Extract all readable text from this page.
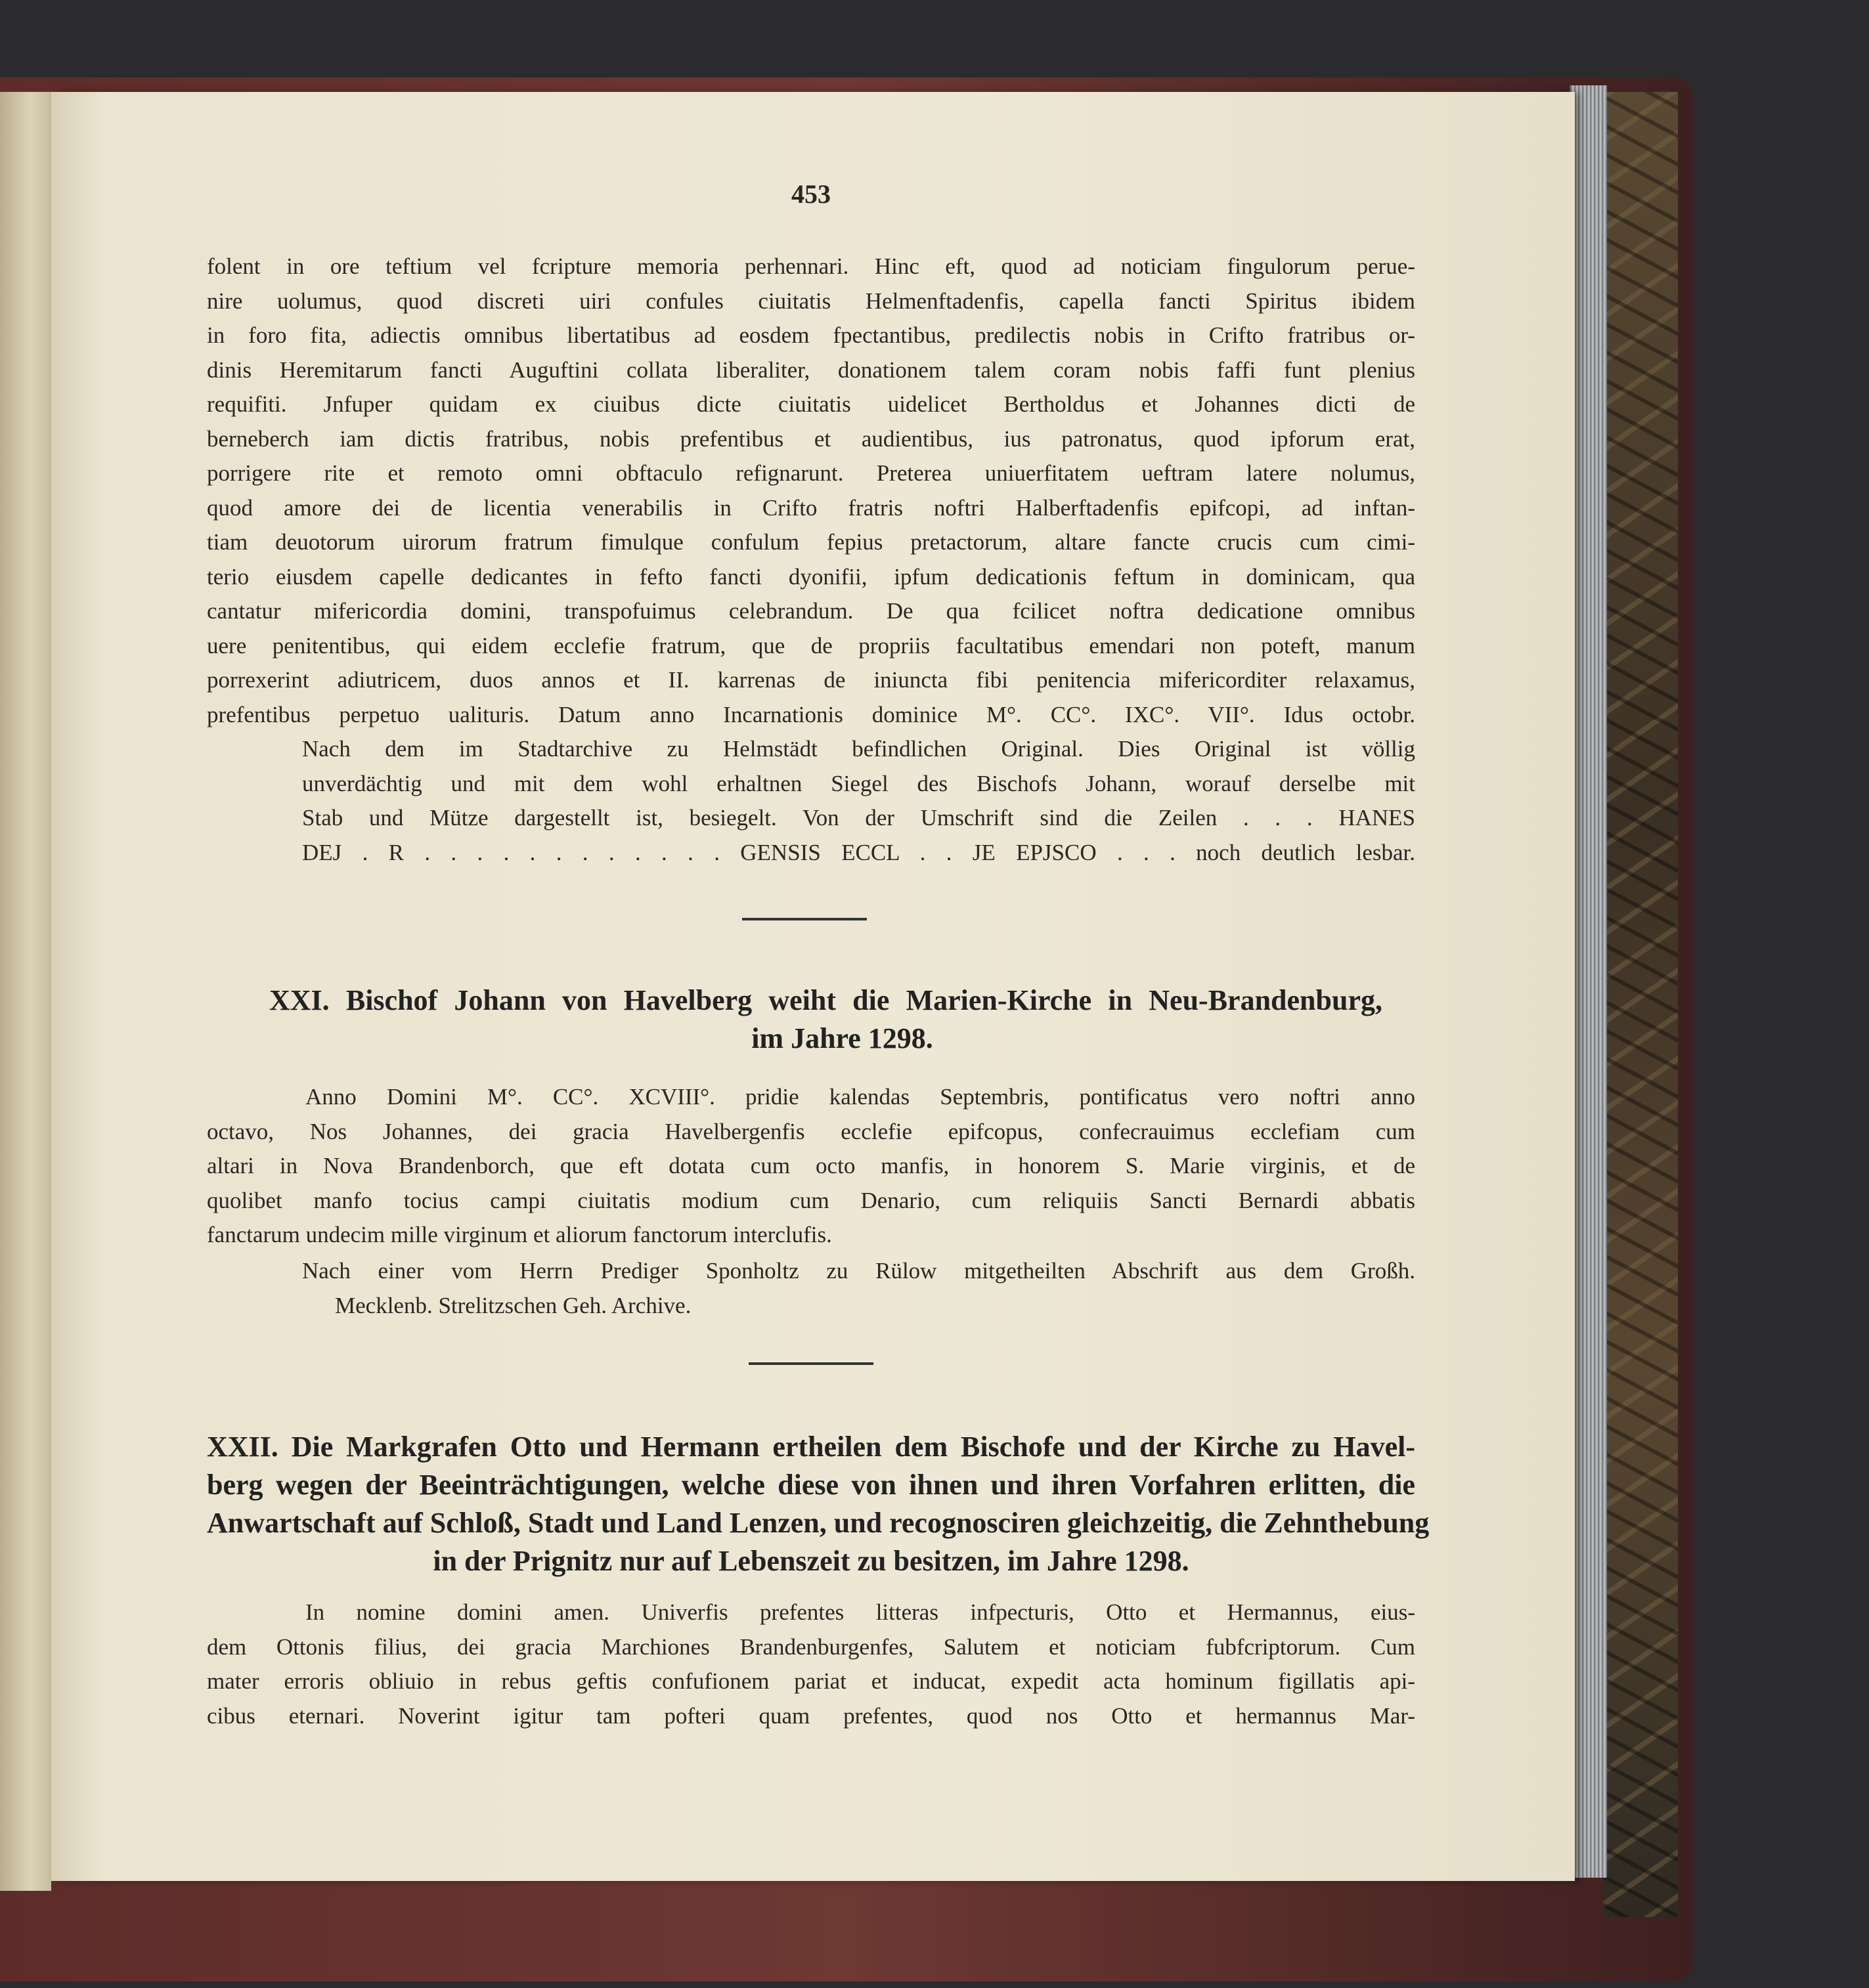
453
folent in ore teftium vel fcripture memoria perhennari. Hinc eft, quod ad noticiam fingulorum perue-
nire uolumus, quod discreti uiri confules ciuitatis Helmenftadenfis, capella fancti Spiritus ibidem
in foro fita, adiectis omnibus libertatibus ad eosdem fpectantibus, predilectis nobis in Crifto fratribus or-
dinis Heremitarum fancti Auguftini collata liberaliter, donationem talem coram nobis faffi funt plenius
requifiti. Jnfuper quidam ex ciuibus dicte ciuitatis uidelicet Bertholdus et Johannes dicti de
berneberch iam dictis fratribus, nobis prefentibus et audientibus, ius patronatus, quod ipforum erat,
porrigere rite et remoto omni obftaculo refignarunt. Preterea uniuerfitatem ueftram latere nolumus,
quod amore dei de licentia venerabilis in Crifto fratris noftri Halberftadenfis epifcopi, ad inftan-
tiam deuotorum uirorum fratrum fimulque confulum fepius pretactorum, altare fancte crucis cum cimi-
terio eiusdem capelle dedicantes in fefto fancti dyonifii, ipfum dedicationis feftum in dominicam, qua
cantatur mifericordia domini, transpofuimus celebrandum. De qua fcilicet noftra dedicatione omnibus
uere penitentibus, qui eidem ecclefie fratrum, que de propriis facultatibus emendari non poteft, manum
porrexerint adiutricem, duos annos et II. karrenas de iniuncta fibi penitencia mifericorditer relaxamus,
prefentibus perpetuo ualituris. Datum anno Incarnationis dominice M°. CC°. IXC°. VII°. Idus octobr.
Nach dem im Stadtarchive zu Helmstädt befindlichen Original. Dies Original ist völlig
unverdächtig und mit dem wohl erhaltnen Siegel des Bischofs Johann, worauf derselbe mit
Stab und Mütze dargestellt ist, besiegelt. Von der Umschrift sind die Zeilen . . . HANES
DEJ . R . . . . . . . . . . . . GENSIS ECCL . . JE EPJSCO . . . noch deutlich lesbar.
XXI. Bischof Johann von Havelberg weiht die Marien-Kirche in Neu-Brandenburg,
im Jahre 1298.
Anno Domini M°. CC°. XCVIII°. pridie kalendas Septembris, pontificatus vero noftri anno
octavo, Nos Johannes, dei gracia Havelbergenfis ecclefie epifcopus, confecrauimus ecclefiam cum
altari in Nova Brandenborch, que eft dotata cum octo manfis, in honorem S. Marie virginis, et de
quolibet manfo tocius campi ciuitatis modium cum Denario, cum reliquiis Sancti Bernardi abbatis
fanctarum undecim mille virginum et aliorum fanctorum interclufis.
Nach einer vom Herrn Prediger Sponholtz zu Rülow mitgetheilten Abschrift aus dem Großh.
Mecklenb. Strelitzschen Geh. Archive.
XXII. Die Markgrafen Otto und Hermann ertheilen dem Bischofe und der Kirche zu Havel-
berg wegen der Beeinträchtigungen, welche diese von ihnen und ihren Vorfahren erlitten, die
Anwartschaft auf Schloß, Stadt und Land Lenzen, und recognosciren gleichzeitig, die Zehnthebung
in der Prignitz nur auf Lebenszeit zu besitzen, im Jahre 1298.
In nomine domini amen. Univerfis prefentes litteras infpecturis, Otto et Hermannus, eius-
dem Ottonis filius, dei gracia Marchiones Brandenburgenfes, Salutem et noticiam fubfcriptorum. Cum
mater erroris obliuio in rebus geftis confufionem pariat et inducat, expedit acta hominum figillatis api-
cibus eternari. Noverint igitur tam pofteri quam prefentes, quod nos Otto et hermannus Mar-
